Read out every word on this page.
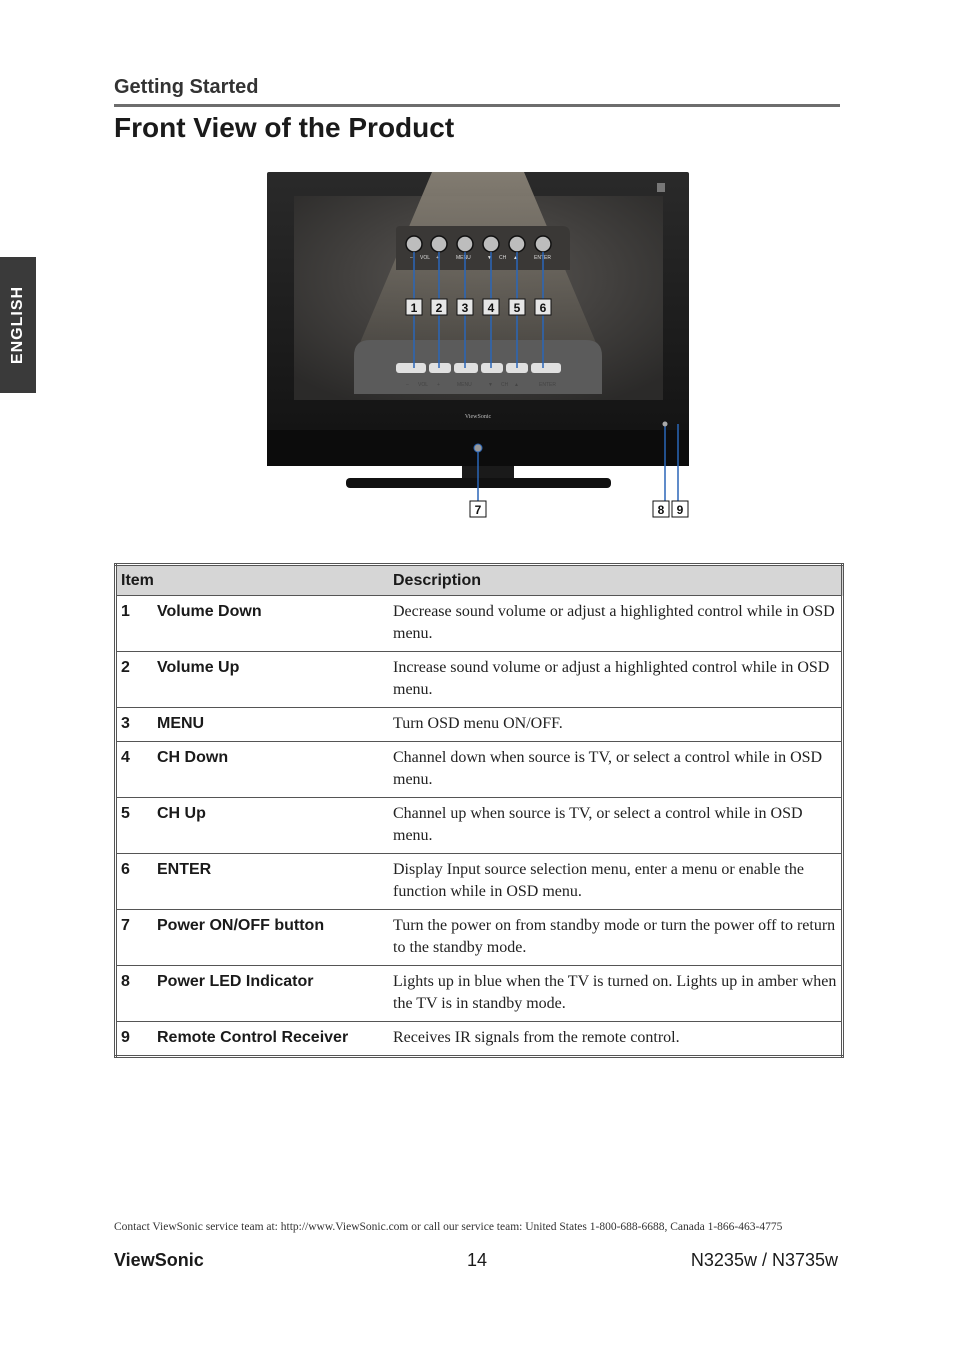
Getting Started
Front View of the Product
ENGLISH
– VOL +	MENU	▼ CH ▲	ENTER
– VOL +	MENU	▼ CH ▲	ENTER
ViewSonic
1 2 3 4 5 6
7	8 9
Item		Description
1	Volume Down	Decrease sound volume or adjust a highlighted control while in OSD menu.
2	Volume Up	Increase sound volume or adjust a highlighted control while in OSD menu.
3	MENU	Turn OSD menu ON/OFF.
4	CH Down	Channel down when source is TV, or select a control while in OSD menu.
5	CH Up	Channel up when source is TV, or select a control while in OSD menu.
6	ENTER	Display Input source selection menu, enter a menu or enable the function while in OSD menu.
7	Power ON/OFF button	Turn the power on from standby mode or turn the power off to return to the standby mode.
8	Power LED Indicator	Lights up in blue when the TV is turned on. Lights up in amber when the TV is in standby mode.
9	Remote Control Receiver	Receives IR signals from the remote control.
Contact ViewSonic service team at: http://www.ViewSonic.com or call our service team: United States 1-800-688-6688, Canada 1-866-463-4775
ViewSonic	14	N3235w / N3735w
